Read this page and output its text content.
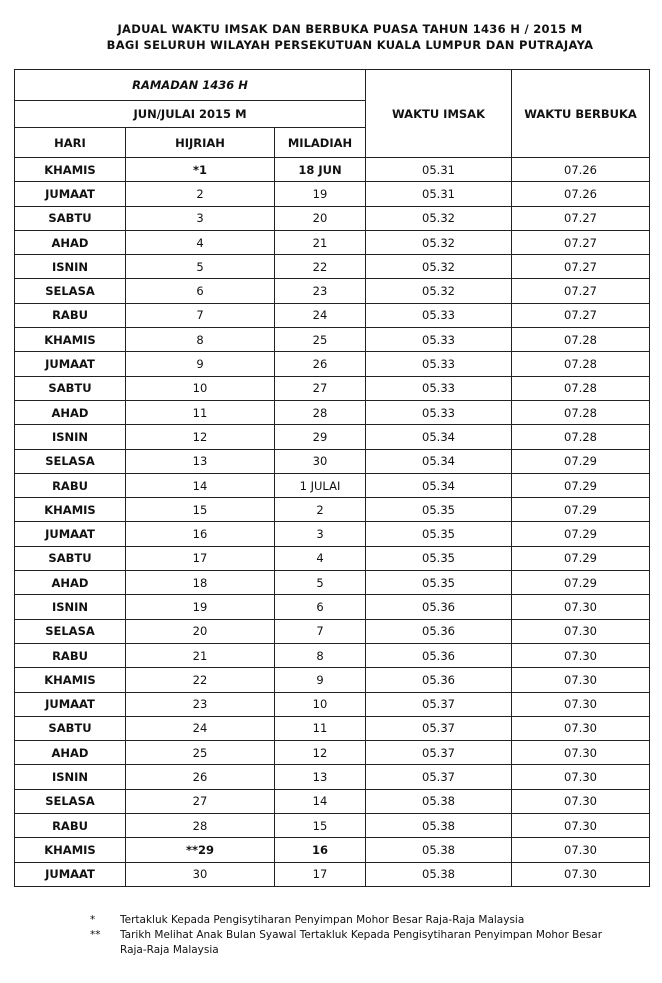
JADUAL WAKTU IMSAK DAN BERBUKA PUASA TAHUN 1436 H / 2015 M
BAGI SELURUH WILAYAH PERSEKUTUAN KUALA LUMPUR DAN PUTRAJAYA
RAMADAN 1436 H			WAKTU IMSAK	WAKTU BERBUKA
JUN/JULAI 2015 M				
HARI	HIJRIAH	MILADIAH		
KHAMIS	*1	18 JUN	05.31	07.26
JUMAAT	2	19	05.31	07.26
SABTU	3	20	05.32	07.27
AHAD	4	21	05.32	07.27
ISNIN	5	22	05.32	07.27
SELASA	6	23	05.32	07.27
RABU	7	24	05.33	07.27
KHAMIS	8	25	05.33	07.28
JUMAAT	9	26	05.33	07.28
SABTU	10	27	05.33	07.28
AHAD	11	28	05.33	07.28
ISNIN	12	29	05.34	07.28
SELASA	13	30	05.34	07.29
RABU	14	1 JULAI	05.34	07.29
KHAMIS	15	2	05.35	07.29
JUMAAT	16	3	05.35	07.29
SABTU	17	4	05.35	07.29
AHAD	18	5	05.35	07.29
ISNIN	19	6	05.36	07.30
SELASA	20	7	05.36	07.30
RABU	21	8	05.36	07.30
KHAMIS	22	9	05.36	07.30
JUMAAT	23	10	05.37	07.30
SABTU	24	11	05.37	07.30
AHAD	25	12	05.37	07.30
ISNIN	26	13	05.37	07.30
SELASA	27	14	05.38	07.30
RABU	28	15	05.38	07.30
KHAMIS	**29	16	05.38	07.30
JUMAAT	30	17	05.38	07.30
*	Tertakluk Kepada Pengisytiharan Penyimpan Mohor Besar Raja-Raja Malaysia
**	Tarikh Melihat Anak Bulan Syawal Tertakluk Kepada Pengisytiharan Penyimpan Mohor Besar Raja-Raja Malaysia
